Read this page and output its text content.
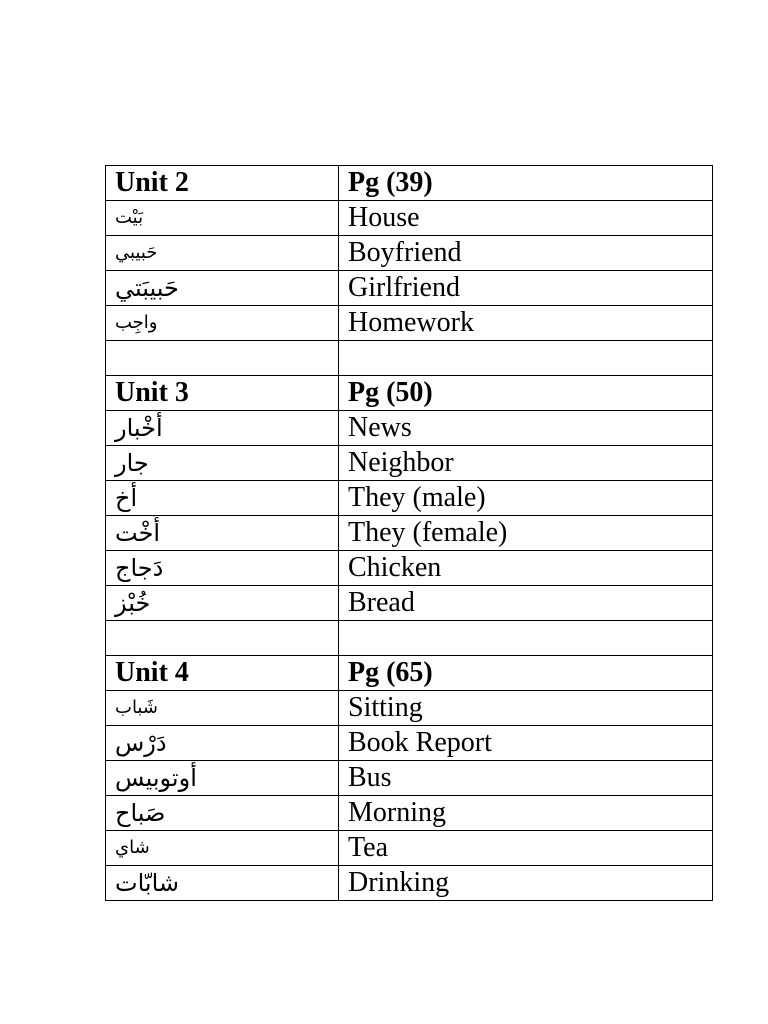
Unit 2	Pg (39)
بَيْت	House
حَبيبي	Boyfriend
حَبيبَتي	Girlfriend
واجِب	Homework

Unit 3	Pg (50)
أَخْبار	News
جار	Neighbor
أَخ	They (male)
أُخْت	They (female)
دَجاج	Chicken
خُبْز	Bread

Unit 4	Pg (65)
شَباب	Sitting
دَرْس	Book Report
أوتوبيس	Bus
صَباح	Morning
شاي	Tea
شابّات	Drinking
